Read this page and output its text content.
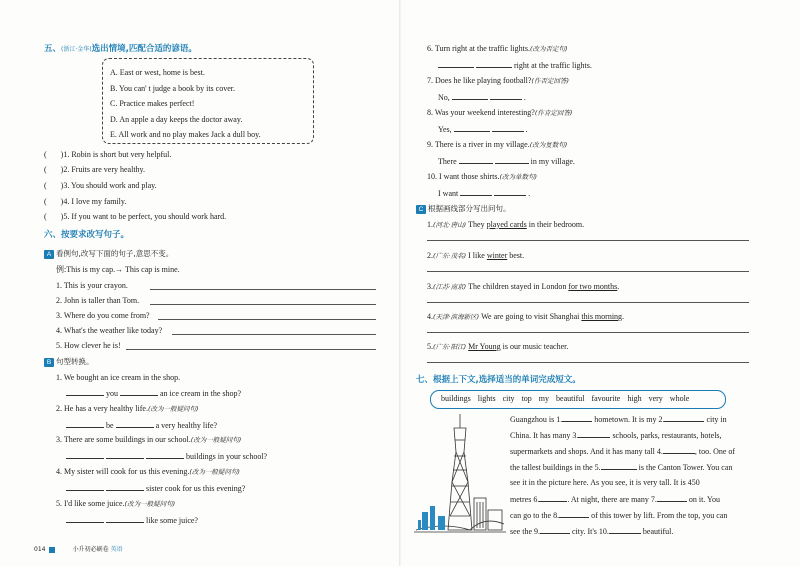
五、(浙江·金华)选出情境,匹配合适的谚语。
A. East or west, home is best.
B. You can' t judge a book by its cover.
C. Practice makes perfect!
D. An apple a day keeps the doctor away.
E. All work and no play makes Jack a dull boy.
(       )1. Robin is short but very helpful.
(       )2. Fruits are very healthy.
(       )3. You should work and play.
(       )4. I love my family.
(       )5. If you want to be perfect, you should work hard.
六、按要求改写句子。
A 看例句,改写下面的句子,意思不变。
例:This is my cap.→ This cap is mine.
1. This is your crayon.
2. John is taller than Tom.
3. Where do you come from?
4. What's the weather like today?
5. How clever he is!
B 句型转换。
1. We bought an ice cream in the shop.
you	an ice cream in the shop?
2. He has a very healthy life.(改为一般疑问句)
be	a very healthy life?
3. There are some buildings in our school.(改为一般疑问句)
buildings in your school?
4. My sister will cook for us this evening.(改为一般疑问句)
sister cook for us this evening?
5. I'd like some juice.(改为一般疑问句)
like some juice?
014	小升初必刷卷 英语
6. Turn right at the traffic lights.(改为否定句)
right at the traffic lights.
7. Does he like playing football?(作否定回答)
No,	.
8. Was your weekend interesting?(作肯定回答)
Yes,	.
9. There is a river in my village.(改为复数句)
There	in my village.
10. I want those shirts.(改为单数句)
I want	.
C 根据画线部分写出问句。
1.(河北·唐山) They played cards in their bedroom.
2.(广东·茂名) I like winter best.
3.(江苏·南京) The children stayed in London for two months.
4.(天津·滨海新区) We are going to visit Shanghai this morning.
5.(广东·阳江) Mr Young is our music teacher.
七、根据上下文,选择适当的单词完成短文。
buildings lights city top my beautiful favourite high very whole
Guangzhou is 1.	hometown. It is my 2.	city in
China. It has many 3.	schools, parks, restaurants, hotels,
supermarkets and shops. And it has many tall 4.	, too. One of
the tallest buildings in the 5.	is the Canton Tower. You can
see it in the picture here. As you see, it is very tall. It is 450
metres 6.	. At night, there are many 7.	on it. You
can go to the 8.	of this tower by lift. From the top, you can
see the 9.	city. It's 10.	beautiful.
